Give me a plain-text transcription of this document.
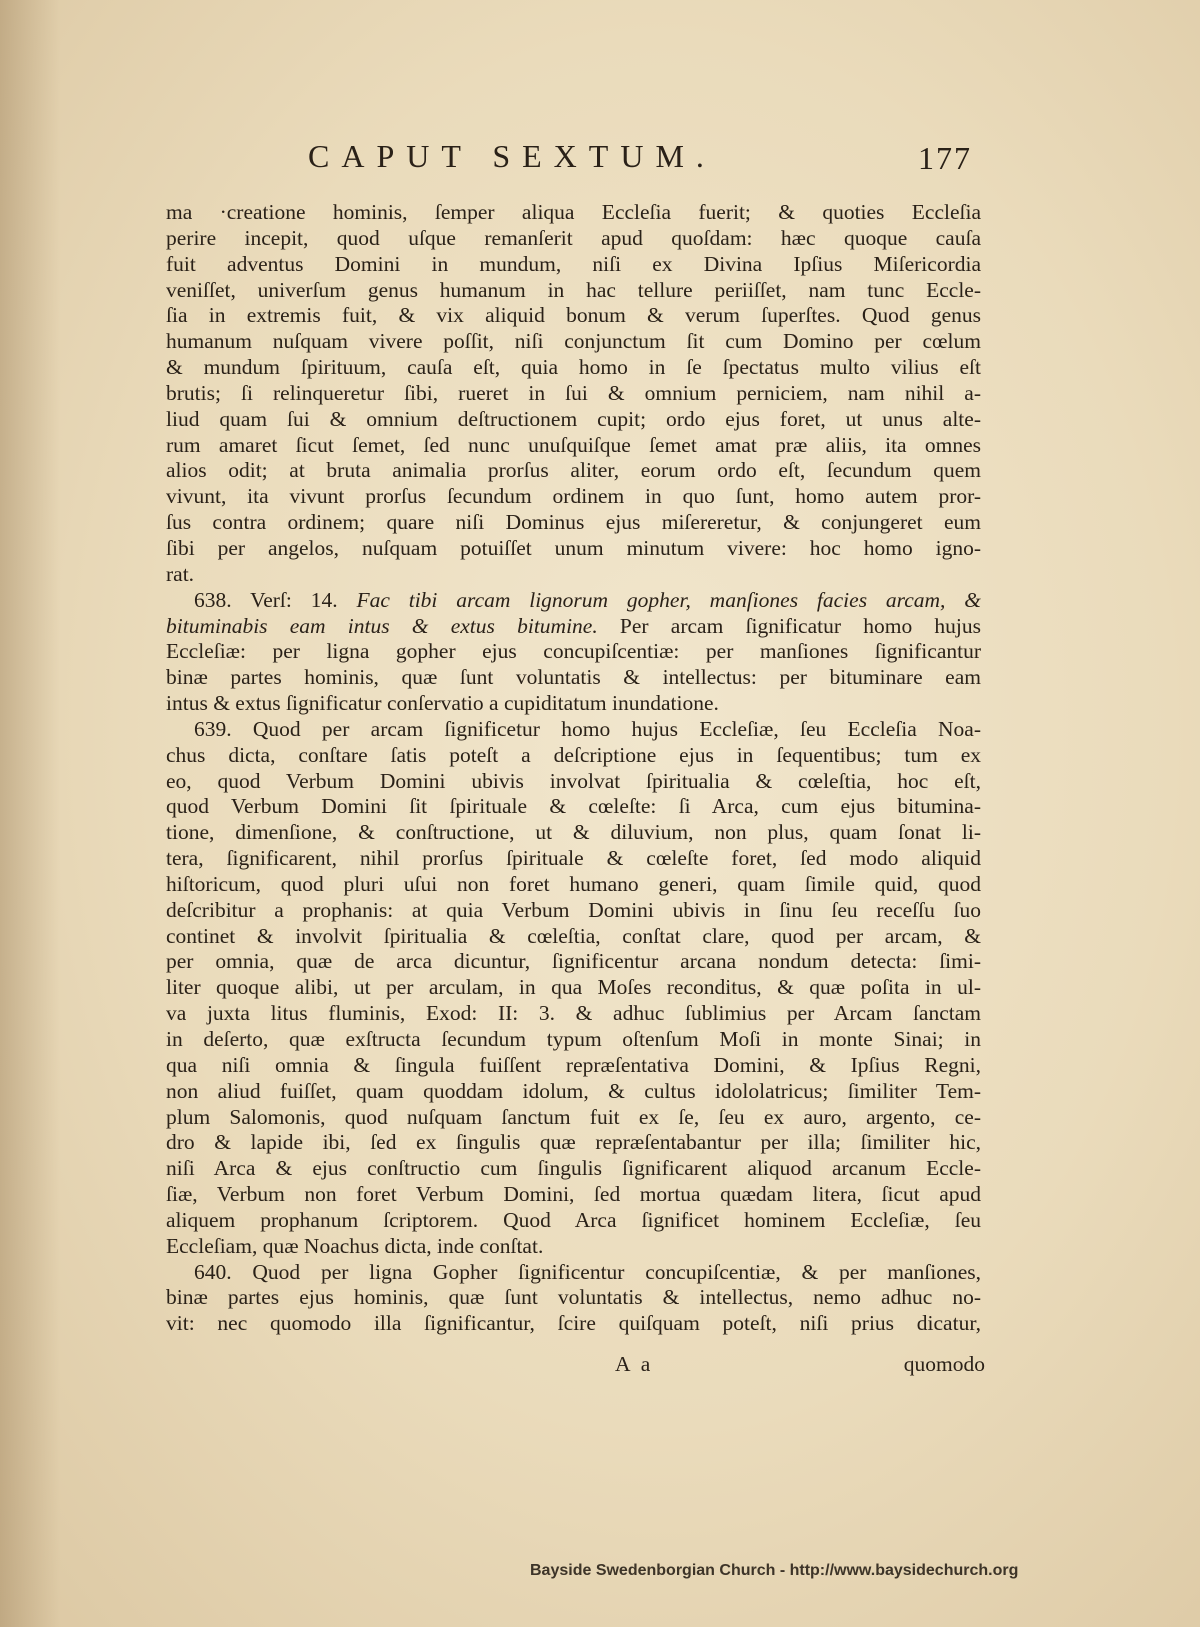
CAPUT SEXTUM.	177
ma ·creatione hominis, ſemper aliqua Eccleſia fuerit; & quoties Eccleſia
perire incepit, quod uſque remanſerit apud quoſdam: hæc quoque cauſa
fuit adventus Domini in mundum, niſi ex Divina Ipſius Miſericordia
veniſſet, univerſum genus humanum in hac tellure periiſſet, nam tunc Eccle-
ſia in extremis fuit, & vix aliquid bonum & verum ſuperſtes. Quod genus
humanum nuſquam vivere poſſit, niſi conjunctum ſit cum Domino per cœlum
& mundum ſpirituum, cauſa eſt, quia homo in ſe ſpectatus multo vilius eſt
brutis; ſi relinqueretur ſibi, rueret in ſui & omnium perniciem, nam nihil a-
liud quam ſui & omnium deſtructionem cupit; ordo ejus foret, ut unus alte-
rum amaret ſicut ſemet, ſed nunc unuſquiſque ſemet amat præ aliis, ita omnes
alios odit; at bruta animalia prorſus aliter, eorum ordo eſt, ſecundum quem
vivunt, ita vivunt prorſus ſecundum ordinem in quo ſunt, homo autem pror-
ſus contra ordinem; quare niſi Dominus ejus miſereretur, & conjungeret eum
ſibi per angelos, nuſquam potuiſſet unum minutum vivere: hoc homo igno-
rat.
638. Verſ: 14. Fac tibi arcam lignorum gopher, manſiones facies arcam, &
bituminabis eam intus & extus bitumine. Per arcam ſignificatur homo hujus
Eccleſiæ: per ligna gopher ejus concupiſcentiæ: per manſiones ſignificantur
binæ partes hominis, quæ ſunt voluntatis & intellectus: per bituminare eam
intus & extus ſignificatur conſervatio a cupiditatum inundatione.
639. Quod per arcam ſignificetur homo hujus Eccleſiæ, ſeu Eccleſia Noa-
chus dicta, conſtare ſatis poteſt a deſcriptione ejus in ſequentibus; tum ex
eo, quod Verbum Domini ubivis involvat ſpiritualia & cœleſtia, hoc eſt,
quod Verbum Domini ſit ſpirituale & cœleſte: ſi Arca, cum ejus bitumina-
tione, dimenſione, & conſtructione, ut & diluvium, non plus, quam ſonat li-
tera, ſignificarent, nihil prorſus ſpirituale & cœleſte foret, ſed modo aliquid
hiſtoricum, quod pluri uſui non foret humano generi, quam ſimile quid, quod
deſcribitur a prophanis: at quia Verbum Domini ubivis in ſinu ſeu receſſu ſuo
continet & involvit ſpiritualia & cœleſtia, conſtat clare, quod per arcam, &
per omnia, quæ de arca dicuntur, ſignificentur arcana nondum detecta: ſimi-
liter quoque alibi, ut per arculam, in qua Moſes reconditus, & quæ poſita in ul-
va juxta litus fluminis, Exod: II: 3. & adhuc ſublimius per Arcam ſanctam
in deſerto, quæ exſtructa ſecundum typum oſtenſum Moſi in monte Sinai; in
qua niſi omnia & ſingula fuiſſent repræſentativa Domini, & Ipſius Regni,
non aliud fuiſſet, quam quoddam idolum, & cultus idololatricus; ſimiliter Tem-
plum Salomonis, quod nuſquam ſanctum fuit ex ſe, ſeu ex auro, argento, ce-
dro & lapide ibi, ſed ex ſingulis quæ repræſentabantur per illa; ſimiliter hic,
niſi Arca & ejus conſtructio cum ſingulis ſignificarent aliquod arcanum Eccle-
ſiæ, Verbum non foret Verbum Domini, ſed mortua quædam litera, ſicut apud
aliquem prophanum ſcriptorem. Quod Arca ſignificet hominem Eccleſiæ, ſeu
Eccleſiam, quæ Noachus dicta, inde conſtat.
640. Quod per ligna Gopher ſignificentur concupiſcentiæ, & per manſiones,
binæ partes ejus hominis, quæ ſunt voluntatis & intellectus, nemo adhuc no-
vit: nec quomodo illa ſignificantur, ſcire quiſquam poteſt, niſi prius dicatur,
A a	quomodo
Bayside Swedenborgian Church - http://www.baysidechurch.org
